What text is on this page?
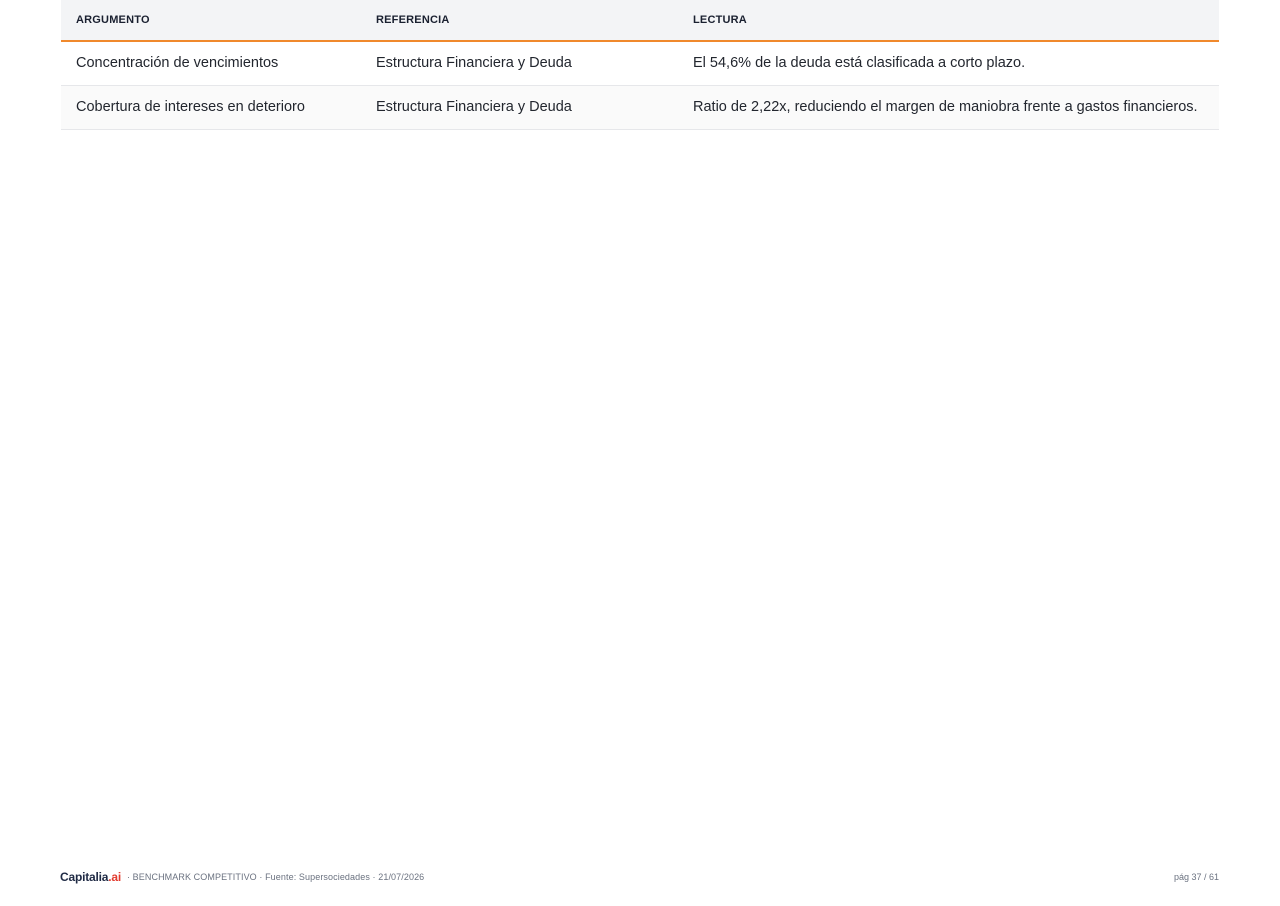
ARGUMENTO	REFERENCIA	LECTURA
Concentración de vencimientos	Estructura Financiera y Deuda	El 54,6% de la deuda está clasificada a corto plazo.
Cobertura de intereses en deterioro	Estructura Financiera y Deuda	Ratio de 2,22x, reduciendo el margen de maniobra frente a gastos financieros.
Capitalia.ai · BENCHMARK COMPETITIVO · Fuente: Supersociedades · 21/07/2026	pág 37 / 61
